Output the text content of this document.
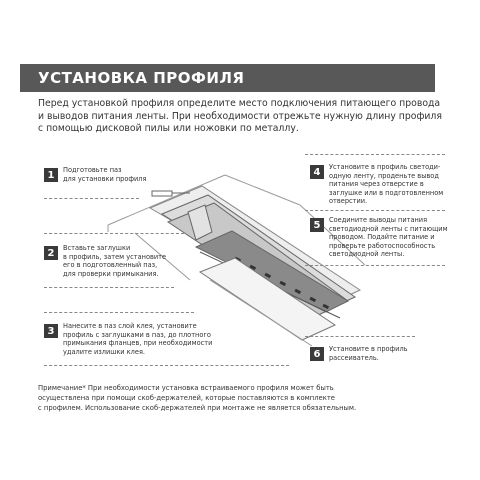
УСТАНОВКА ПРОФИЛЯ
Перед установкой профиля определите место подключения питающего провода
и выводов питания ленты. При необходимости отрежьте нужную длину профиля
с помощью дисковой пилы или ножовки по металлу.
1	Подготовьте паз
для установки профиля
2	Вставьте заглушки
в профиль, затем установите
его в подготовленный паз,
для проверки примыкания.
3	Нанесите в паз слой клея, установите
профиль с заглушками в паз, до плотного
примыкания фланцев, при необходимости
удалите излишки клея.
4	Установите в профиль светоди-
одную ленту, проденьте вывод
питания через отверстие в
заглушке или в подготовленном
отверстии.
5	Соедините выводы питания
светодиодной ленты с питающим
проводом. Подайте питание и
проверьте работоспособность
светодиодной ленты.
6	Установите в профиль
рассеиватель.
Примечание* При необходимости установка встраиваемого профиля может быть
осуществлена при помощи скоб-держателей, которые поставляются в комплекте
с профилем. Использование скоб-держателей при монтаже не является обязательным.
